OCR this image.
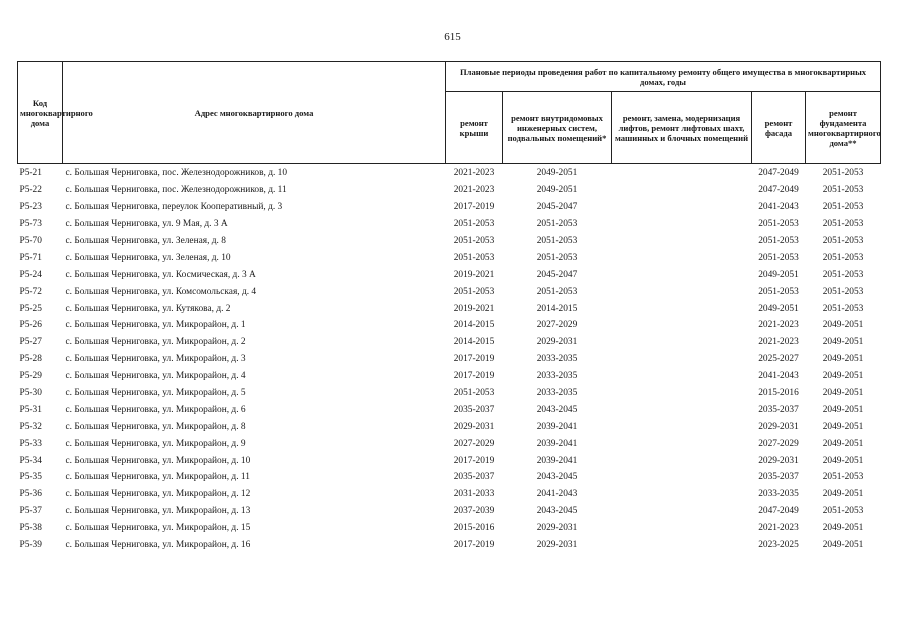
615
Код многоквартирного дома	Адрес многоквартирного дома	Плановые периоды проведения работ по капитальному ремонту общего имущества в многоквартирных домах, годы				
		ремонт крыши	ремонт внутридомовых инженерных систем, подвальных помещений*	ремонт, замена, модернизация лифтов, ремонт лифтовых шахт, машинных и блочных помещений	ремонт фасада	ремонт фундамента многоквартирного дома**
Р5-21	с. Большая Черниговка, пос. Железнодорожников, д. 10	2021-2023	2049-2051		2047-2049	2051-2053
Р5-22	с. Большая Черниговка, пос. Железнодорожников, д. 11	2021-2023	2049-2051		2047-2049	2051-2053
Р5-23	с. Большая Черниговка, переулок Кооперативный, д. 3	2017-2019	2045-2047		2041-2043	2051-2053
Р5-73	с. Большая Черниговка, ул. 9 Мая, д. 3 А	2051-2053	2051-2053		2051-2053	2051-2053
Р5-70	с. Большая Черниговка, ул. Зеленая, д. 8	2051-2053	2051-2053		2051-2053	2051-2053
Р5-71	с. Большая Черниговка, ул. Зеленая, д. 10	2051-2053	2051-2053		2051-2053	2051-2053
Р5-24	с. Большая Черниговка, ул. Космическая, д. 3 А	2019-2021	2045-2047		2049-2051	2051-2053
Р5-72	с. Большая Черниговка, ул. Комсомольская, д. 4	2051-2053	2051-2053		2051-2053	2051-2053
Р5-25	с. Большая Черниговка, ул. Кутякова, д. 2	2019-2021	2014-2015		2049-2051	2051-2053
Р5-26	с. Большая Черниговка, ул. Микрорайон, д. 1	2014-2015	2027-2029		2021-2023	2049-2051
Р5-27	с. Большая Черниговка, ул. Микрорайон, д. 2	2014-2015	2029-2031		2021-2023	2049-2051
Р5-28	с. Большая Черниговка, ул. Микрорайон, д. 3	2017-2019	2033-2035		2025-2027	2049-2051
Р5-29	с. Большая Черниговка, ул. Микрорайон, д. 4	2017-2019	2033-2035		2041-2043	2049-2051
Р5-30	с. Большая Черниговка, ул. Микрорайон, д. 5	2051-2053	2033-2035		2015-2016	2049-2051
Р5-31	с. Большая Черниговка, ул. Микрорайон, д. 6	2035-2037	2043-2045		2035-2037	2049-2051
Р5-32	с. Большая Черниговка, ул. Микрорайон, д. 8	2029-2031	2039-2041		2029-2031	2049-2051
Р5-33	с. Большая Черниговка, ул. Микрорайон, д. 9	2027-2029	2039-2041		2027-2029	2049-2051
Р5-34	с. Большая Черниговка, ул. Микрорайон, д. 10	2017-2019	2039-2041		2029-2031	2049-2051
Р5-35	с. Большая Черниговка, ул. Микрорайон, д. 11	2035-2037	2043-2045		2035-2037	2051-2053
Р5-36	с. Большая Черниговка, ул. Микрорайон, д. 12	2031-2033	2041-2043		2033-2035	2049-2051
Р5-37	с. Большая Черниговка, ул. Микрорайон, д. 13	2037-2039	2043-2045		2047-2049	2051-2053
Р5-38	с. Большая Черниговка, ул. Микрорайон, д. 15	2015-2016	2029-2031		2021-2023	2049-2051
Р5-39	с. Большая Черниговка, ул. Микрорайон, д. 16	2017-2019	2029-2031		2023-2025	2049-2051
